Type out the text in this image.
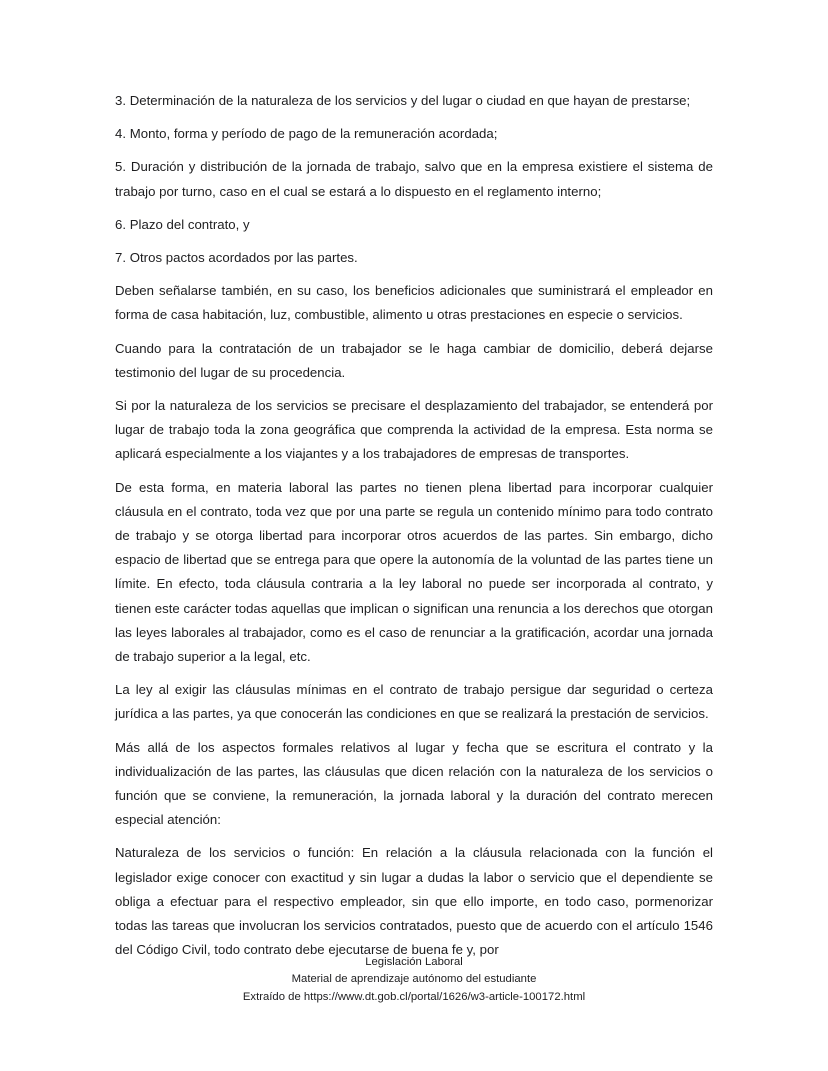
3. Determinación de la naturaleza de los servicios y del lugar o ciudad en que hayan de prestarse;

4. Monto, forma y período de pago de la remuneración acordada;

5. Duración y distribución de la jornada de trabajo, salvo que en la empresa existiere el sistema de trabajo por turno, caso en el cual se estará a lo dispuesto en el reglamento interno;

6. Plazo del contrato, y

7. Otros pactos acordados por las partes.

Deben señalarse también, en su caso, los beneficios adicionales que suministrará el empleador en forma de casa habitación, luz, combustible, alimento u otras prestaciones en especie o servicios.

Cuando para la contratación de un trabajador se le haga cambiar de domicilio, deberá dejarse testimonio del lugar de su procedencia.

Si por la naturaleza de los servicios se precisare el desplazamiento del trabajador, se entenderá por lugar de trabajo toda la zona geográfica que comprenda la actividad de la empresa. Esta norma se aplicará especialmente a los viajantes y a los trabajadores de empresas de transportes.

De esta forma, en materia laboral las partes no tienen plena libertad para incorporar cualquier cláusula en el contrato, toda vez que por una parte se regula un contenido mínimo para todo contrato de trabajo y se otorga libertad para incorporar otros acuerdos de las partes. Sin embargo, dicho espacio de libertad que se entrega para que opere la autonomía de la voluntad de las partes tiene un límite. En efecto, toda cláusula contraria a la ley laboral no puede ser incorporada al contrato, y tienen este carácter todas aquellas que implican o significan una renuncia a los derechos que otorgan las leyes laborales al trabajador, como es el caso de renunciar a la gratificación, acordar una jornada de trabajo superior a la legal, etc.

La ley al exigir las cláusulas mínimas en el contrato de trabajo persigue dar seguridad o certeza jurídica a las partes, ya que conocerán las condiciones en que se realizará la prestación de servicios.

Más allá de los aspectos formales relativos al lugar y fecha que se escritura el contrato y la individualización de las partes, las cláusulas que dicen relación con la naturaleza de los servicios o función que se conviene, la remuneración, la jornada laboral y la duración del contrato merecen especial atención:

Naturaleza de los servicios o función: En relación a la cláusula relacionada con la función el legislador exige conocer con exactitud y sin lugar a dudas la labor o servicio que el dependiente se obliga a efectuar para el respectivo empleador, sin que ello importe, en todo caso, pormenorizar todas las tareas que involucran los servicios contratados, puesto que de acuerdo con el artículo 1546 del Código Civil, todo contrato debe ejecutarse de buena fe y, por

Legislación Laboral
Material de aprendizaje autónomo del estudiante
Extraído de https://www.dt.gob.cl/portal/1626/w3-article-100172.html
